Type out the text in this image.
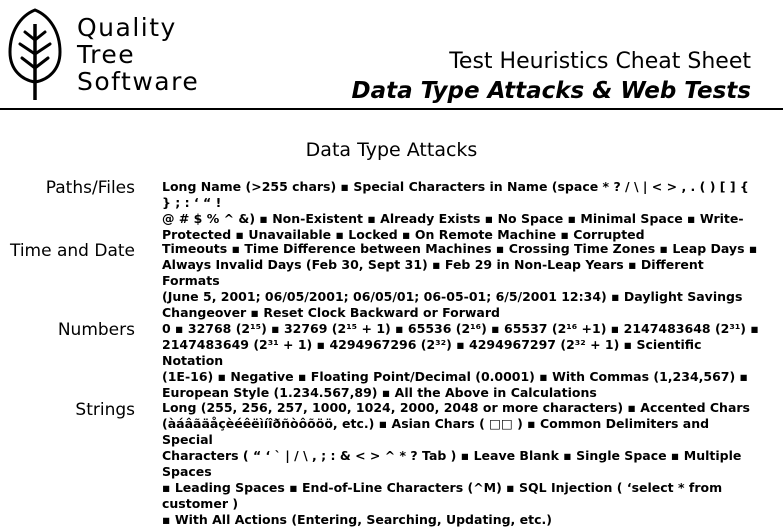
Quality
Tree
Software
Test Heuristics Cheat Sheet
Data Type Attacks & Web Tests
Data Type Attacks
Paths/Files Long Name (>255 chars) ▪ Special Characters in Name (space * ? / \ | < > , . ( ) [ ] { } ; : ‘ “ !
@ # $ % ^ &) ▪ Non-Existent ▪ Already Exists ▪ No Space ▪ Minimal Space ▪ Write-
Protected ▪ Unavailable ▪ Locked ▪ On Remote Machine ▪ Corrupted
Time and Date Timeouts ▪ Time Difference between Machines ▪ Crossing Time Zones ▪ Leap Days ▪
Always Invalid Days (Feb 30, Sept 31) ▪ Feb 29 in Non-Leap Years ▪ Different Formats
(June 5, 2001; 06/05/2001; 06/05/01; 06-05-01; 6/5/2001 12:34) ▪ Daylight Savings
Changeover ▪ Reset Clock Backward or Forward
Numbers 0 ▪ 32768 (2¹⁵) ▪ 32769 (2¹⁵ + 1) ▪ 65536 (2¹⁶) ▪ 65537 (2¹⁶ +1) ▪ 2147483648 (2³¹) ▪
2147483649 (2³¹ + 1) ▪ 4294967296 (2³²) ▪ 4294967297 (2³² + 1) ▪ Scientific Notation
(1E-16) ▪ Negative ▪ Floating Point/Decimal (0.0001) ▪ With Commas (1,234,567) ▪
European Style (1.234.567,89) ▪ All the Above in Calculations
Strings Long (255, 256, 257, 1000, 1024, 2000, 2048 or more characters) ▪ Accented Chars
(àáâãäåçèéêëìíîðñòôõöö, etc.) ▪ Asian Chars ( □□ ) ▪ Common Delimiters and Special
Characters ( “ ‘ ` | / \ , ; : & < > ^ * ? Tab ) ▪ Leave Blank ▪ Single Space ▪ Multiple Spaces
▪ Leading Spaces ▪ End-of-Line Characters (^M) ▪ SQL Injection ( ‘select * from customer )
▪ With All Actions (Entering, Searching, Updating, etc.)
